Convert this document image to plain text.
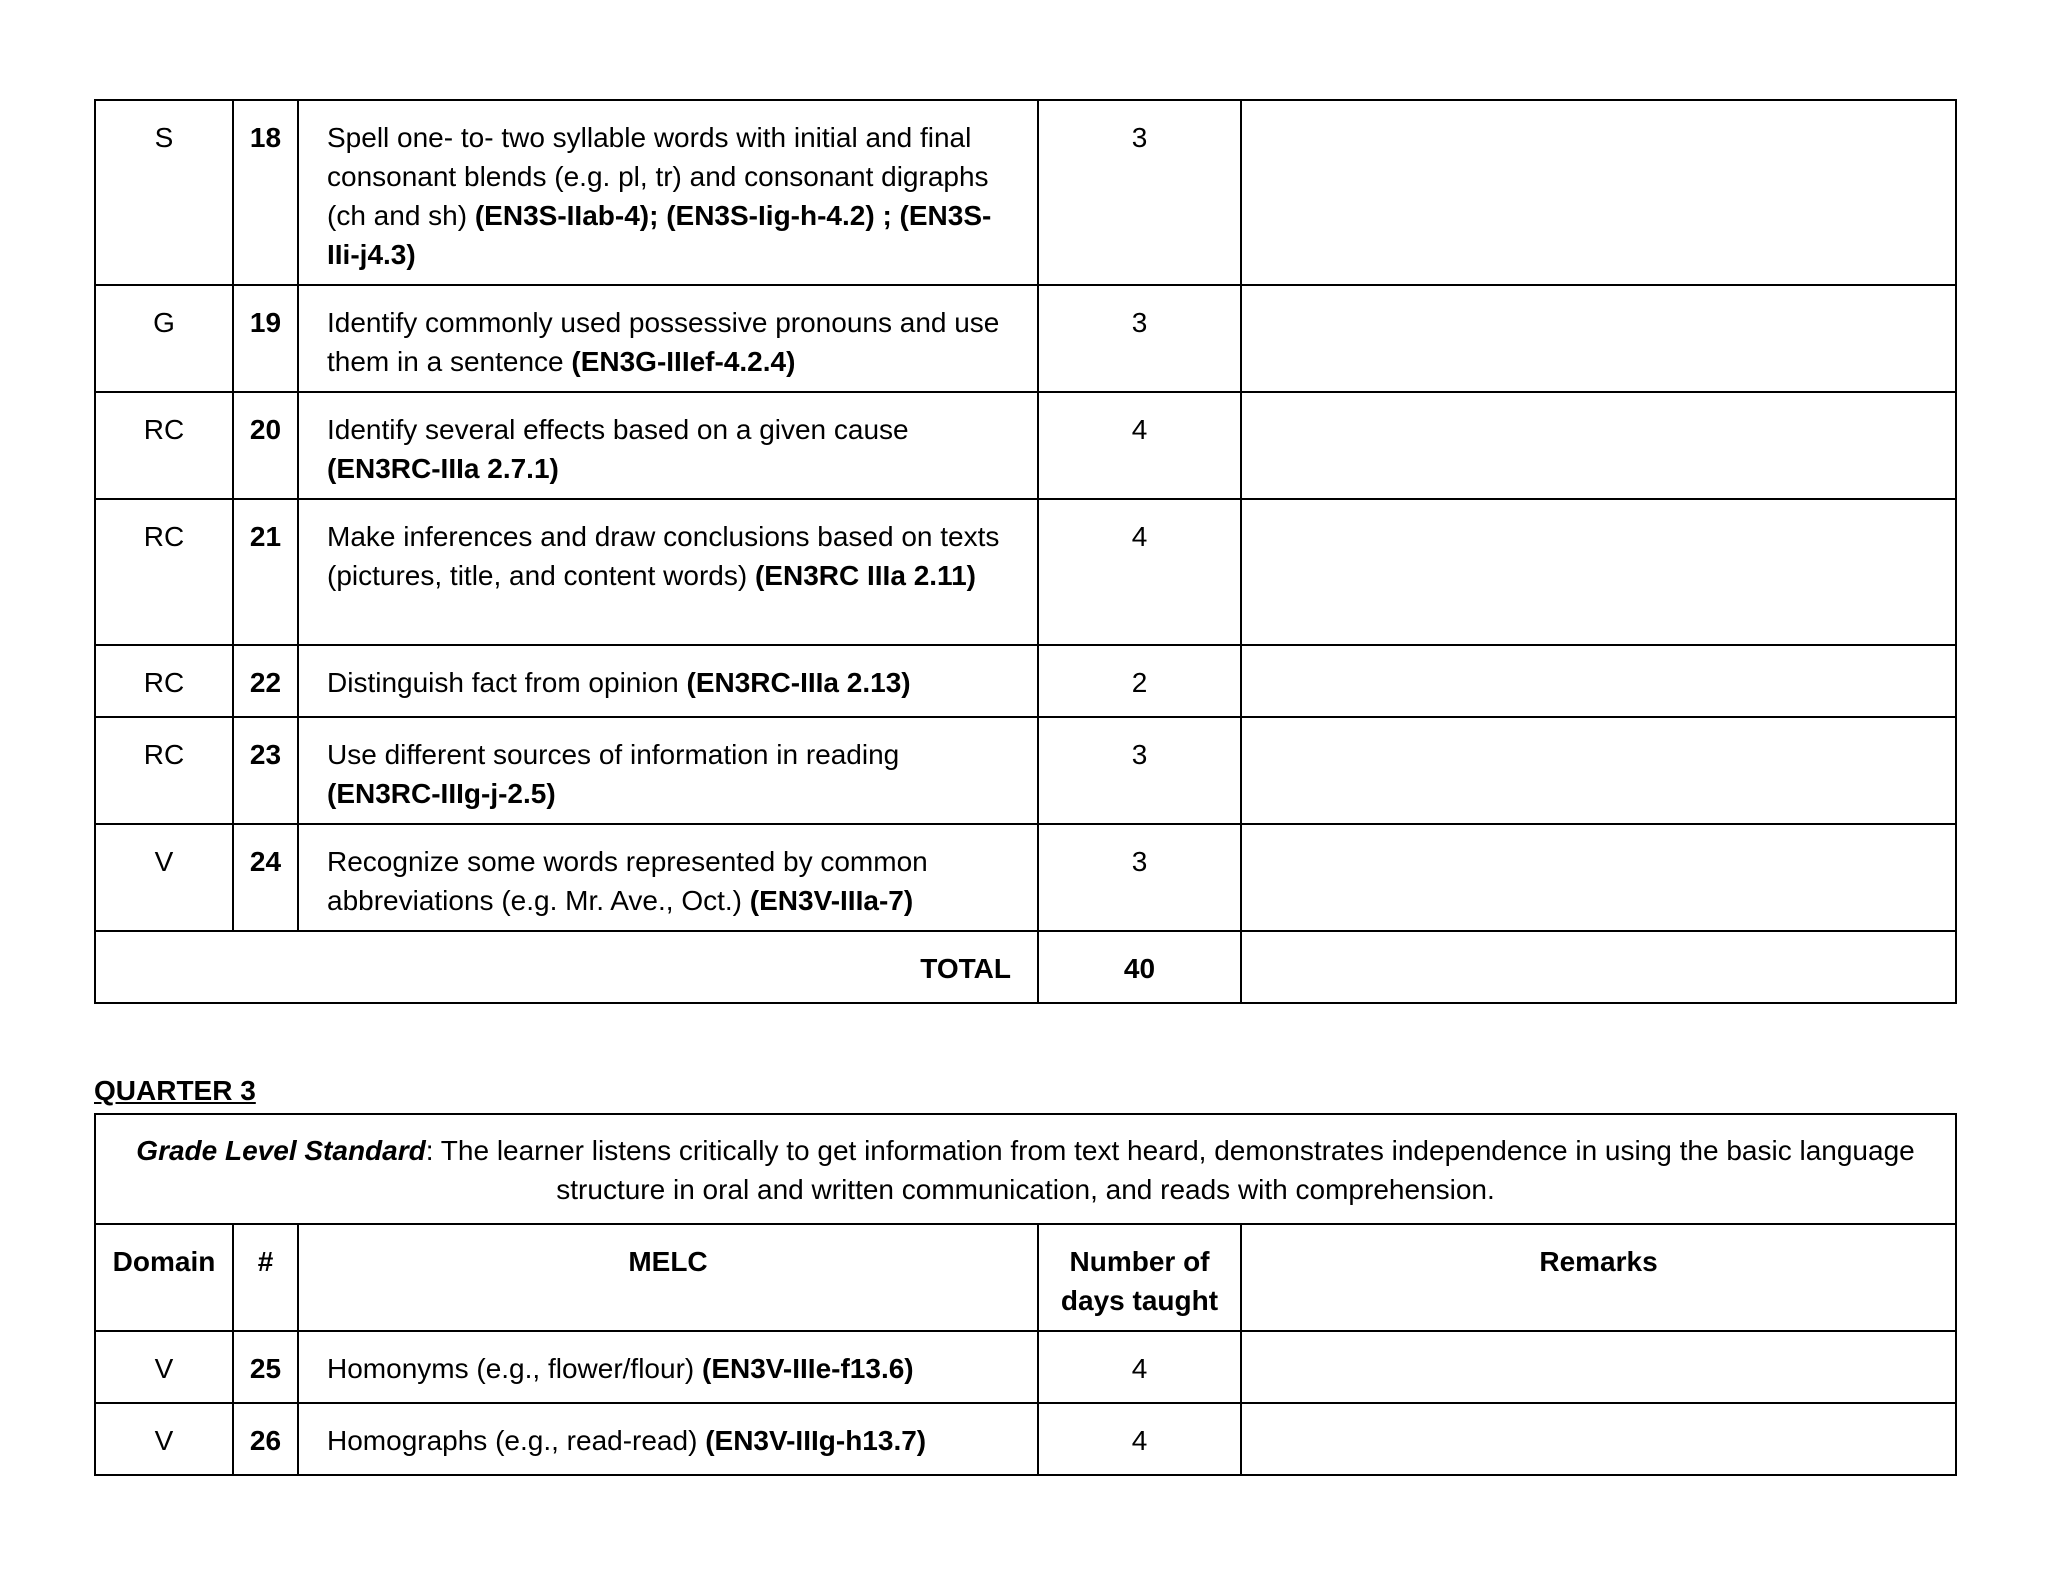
S	18	Spell one- to- two syllable words with initial and final consonant blends (e.g. pl, tr) and consonant digraphs (ch and sh) (EN3S-IIab-4); (EN3S-Iig-h-4.2) ; (EN3S-IIi-j4.3)	3	
G	19	Identify commonly used possessive pronouns and use them in a sentence (EN3G-IIIef-4.2.4)	3	
RC	20	Identify several effects based on a given cause (EN3RC-IIIa 2.7.1)	4	
RC	21	Make inferences and draw conclusions based on texts (pictures, title, and content words) (EN3RC IIIa 2.11)	4	
RC	22	Distinguish fact from opinion (EN3RC-IIIa 2.13)	2	
RC	23	Use different sources of information in reading (EN3RC-IIIg-j-2.5)	3	
V	24	Recognize some words represented by common abbreviations (e.g. Mr. Ave., Oct.) (EN3V-IIIa-7)	3	
TOTAL			40	
QUARTER 3
Grade Level Standard: The learner listens critically to get information from text heard, demonstrates independence in using the basic language structure in oral and written communication, and reads with comprehension.				
Domain	#	MELC	Number of days taught	Remarks
V	25	Homonyms (e.g., flower/flour) (EN3V-IIIe-f13.6)	4	
V	26	Homographs (e.g., read-read) (EN3V-IIIg-h13.7)	4	
